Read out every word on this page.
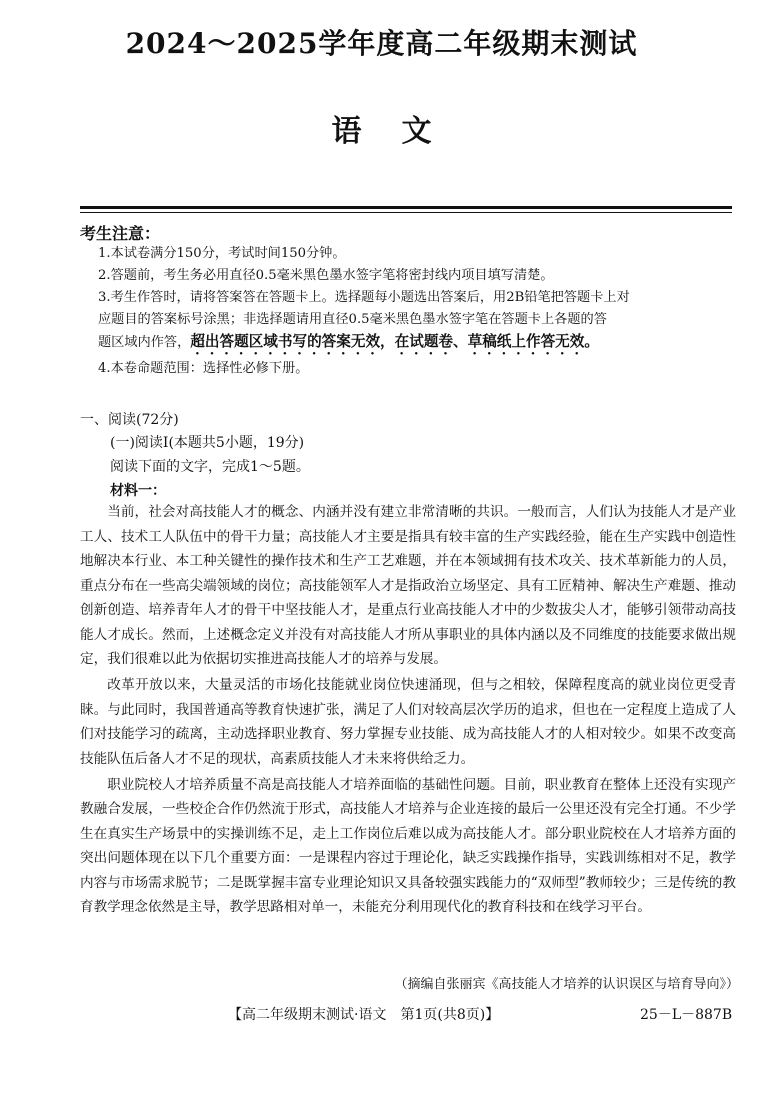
2024～2025学年度高二年级期末测试
语文
考生注意：
1.本试卷满分150分，考试时间150分钟。
2.答题前，考生务必用直径0.5毫米黑色墨水签字笔将密封线内项目填写清楚。
3.考生作答时，请将答案答在答题卡上。选择题每小题选出答案后，用2B铅笔把答题卡上对
应题目的答案标号涂黑；非选择题请用直径0.5毫米黑色墨水签字笔在答题卡上各题的答
题区域内作答，超出答题区域书写的答案无效，在试题卷、草稿纸上作答无效。
4.本卷命题范围：选择性必修下册。
一、阅读(72分)
(一)阅读Ⅰ(本题共5小题，19分)
阅读下面的文字，完成1～5题。
材料一：

当前，社会对高技能人才的概念、内涵并没有建立非常清晰的共识。一般而言，人们认为技能人才是产业工人、技术工人队伍中的骨干力量；高技能人才主要是指具有较丰富的生产实践经验，能在生产实践中创造性地解决本行业、本工种关键性的操作技术和生产工艺难题，并在本领域拥有技术攻关、技术革新能力的人员，重点分布在一些高尖端领域的岗位；高技能领军人才是指政治立场坚定、具有工匠精神、解决生产难题、推动创新创造、培养青年人才的骨干中坚技能人才，是重点行业高技能人才中的少数拔尖人才，能够引领带动高技能人才成长。然而，上述概念定义并没有对高技能人才所从事职业的具体内涵以及不同维度的技能要求做出规定，我们很难以此为依据切实推进高技能人才的培养与发展。

改革开放以来，大量灵活的市场化技能就业岗位快速涌现，但与之相较，保障程度高的就业岗位更受青睐。与此同时，我国普通高等教育快速扩张，满足了人们对较高层次学历的追求，但也在一定程度上造成了人们对技能学习的疏离，主动选择职业教育、努力掌握专业技能、成为高技能人才的人相对较少。如果不改变高技能队伍后备人才不足的现状，高素质技能人才未来将供给乏力。

职业院校人才培养质量不高是高技能人才培养面临的基础性问题。目前，职业教育在整体上还没有实现产教融合发展，一些校企合作仍然流于形式，高技能人才培养与企业连接的最后一公里还没有完全打通。不少学生在真实生产场景中的实操训练不足，走上工作岗位后难以成为高技能人才。部分职业院校在人才培养方面的突出问题体现在以下几个重要方面：一是课程内容过于理论化，缺乏实践操作指导，实践训练相对不足，教学内容与市场需求脱节；二是既掌握丰富专业理论知识又具备较强实践能力的“双师型”教师较少；三是传统的教育教学理念依然是主导，教学思路相对单一，未能充分利用现代化的教育科技和在线学习平台。

（摘编自张丽宾《高技能人才培养的认识误区与培育导向》）
【高二年级期末测试·语文　第1页(共8页)】	25－L－887B
